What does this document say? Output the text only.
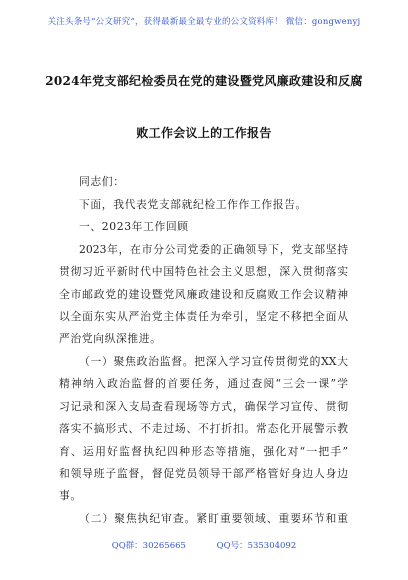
关注头条号“公文研究”，获得最新最全最专业的公文资料库！ 微信：gongwenyj
2024年党支部纪检委员在党的建设暨党风廉政建设和反腐
败工作会议上的工作报告
同志们：
下面，我代表党支部就纪检工作作工作报告。
一、2023年工作回顾
2023年，在市分公司党委的正确领导下，党支部坚持
贯彻习近平新时代中国特色社会主义思想，深入贯彻落实
全市邮政党的建设暨党风廉政建设和反腐败工作会议精神
以全面东实从严治党主体责任为牵引，坚定不移把全面从
严治党向纵深推进。
（一）聚焦政治监督。把深入学习宣传贯彻党的XX大
精神纳入政治监督的首要任务，通过查阅“三会一课”学
习记录和深入支局查看现场等方式，确保学习宣传、贯彻
落实不搞形式、不走过场、不打折扣。常态化开展警示教
育、运用好监督执纪四种形态等措施，强化对“一把手”
和领导班子监督，督促党员领导干部严格管好身边人身边
事。
（二）聚焦执纪审查。紧盯重要领域、重要环节和重
QQ群：30265665	QQ号：535304092
